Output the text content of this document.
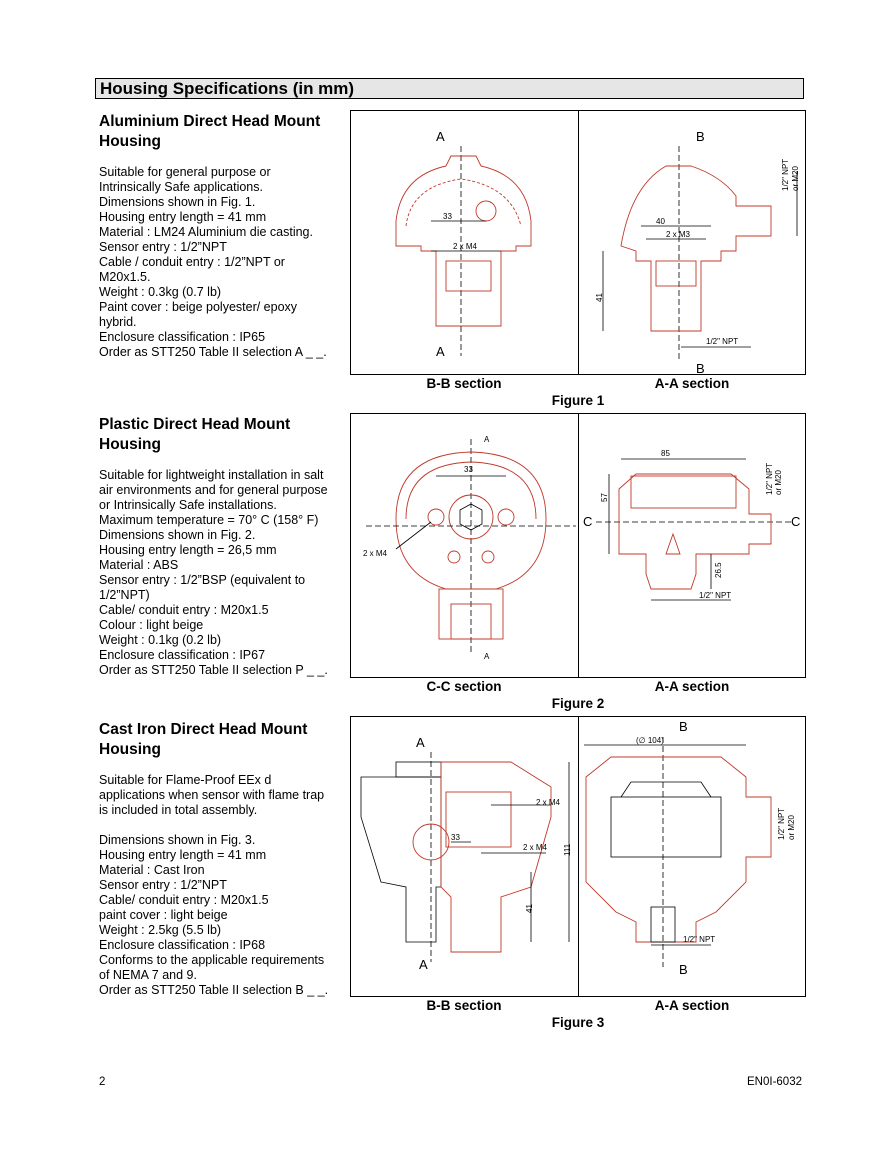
Housing Specifications (in mm)
Aluminium Direct Head Mount
Housing
Suitable for general purpose or
Intrinsically Safe applications.
Dimensions shown in Fig. 1.
Housing entry length = 41 mm
Material : LM24 Aluminium die casting.
Sensor entry : 1/2”NPT
Cable / conduit entry : 1/2”NPT or
M20x1.5.
Weight : 0.3kg (0.7 lb)
Paint cover : beige polyester/ epoxy
hybrid.
Enclosure classification : IP65
Order as STT250 Table II selection A _ _.
A
A
33
2 x M4
B
B
40
2 x M3
41
1/2" NPT
1/2" NPT or M20
B-B section	A-A section
Figure 1
Plastic Direct Head Mount
Housing
Suitable for lightweight installation in salt
air environments and for general purpose
or Intrinsically Safe installations.
Maximum temperature = 70° C (158° F)
Dimensions shown in Fig. 2.
Housing entry length = 26,5 mm
Material : ABS
Sensor entry : 1/2”BSP (equivalent to
1/2”NPT)
Cable/ conduit entry : M20x1.5
Colour : light beige
Weight : 0.1kg (0.2 lb)
Enclosure classification : IP67
Order as STT250 Table II selection P _ _.
A
A
33
2 x M4
C	C
85
57
26.5
1/2" NPT
1/2" NPT or M20
C-C section	A-A section
Figure 2
Cast Iron Direct Head Mount
Housing
Suitable for Flame-Proof EEx d
applications when sensor with flame trap
is included in total assembly.
Dimensions shown in Fig. 3.
Housing entry length = 41 mm
Material : Cast Iron
Sensor entry : 1/2”NPT
Cable/ conduit entry : M20x1.5
paint cover : light beige
Weight : 2.5kg (5.5 lb)
Enclosure classification : IP68
Conforms to the applicable requirements
of NEMA 7 and 9.
Order as STT250 Table II selection B _ _.
A
A
2 x M4
33
2 x M4 111
41
B
B
(∅ 104)
1/2" NPT
1/2" NPT or M20
B-B section	A-A section
Figure 3
2	EN0I-6032
